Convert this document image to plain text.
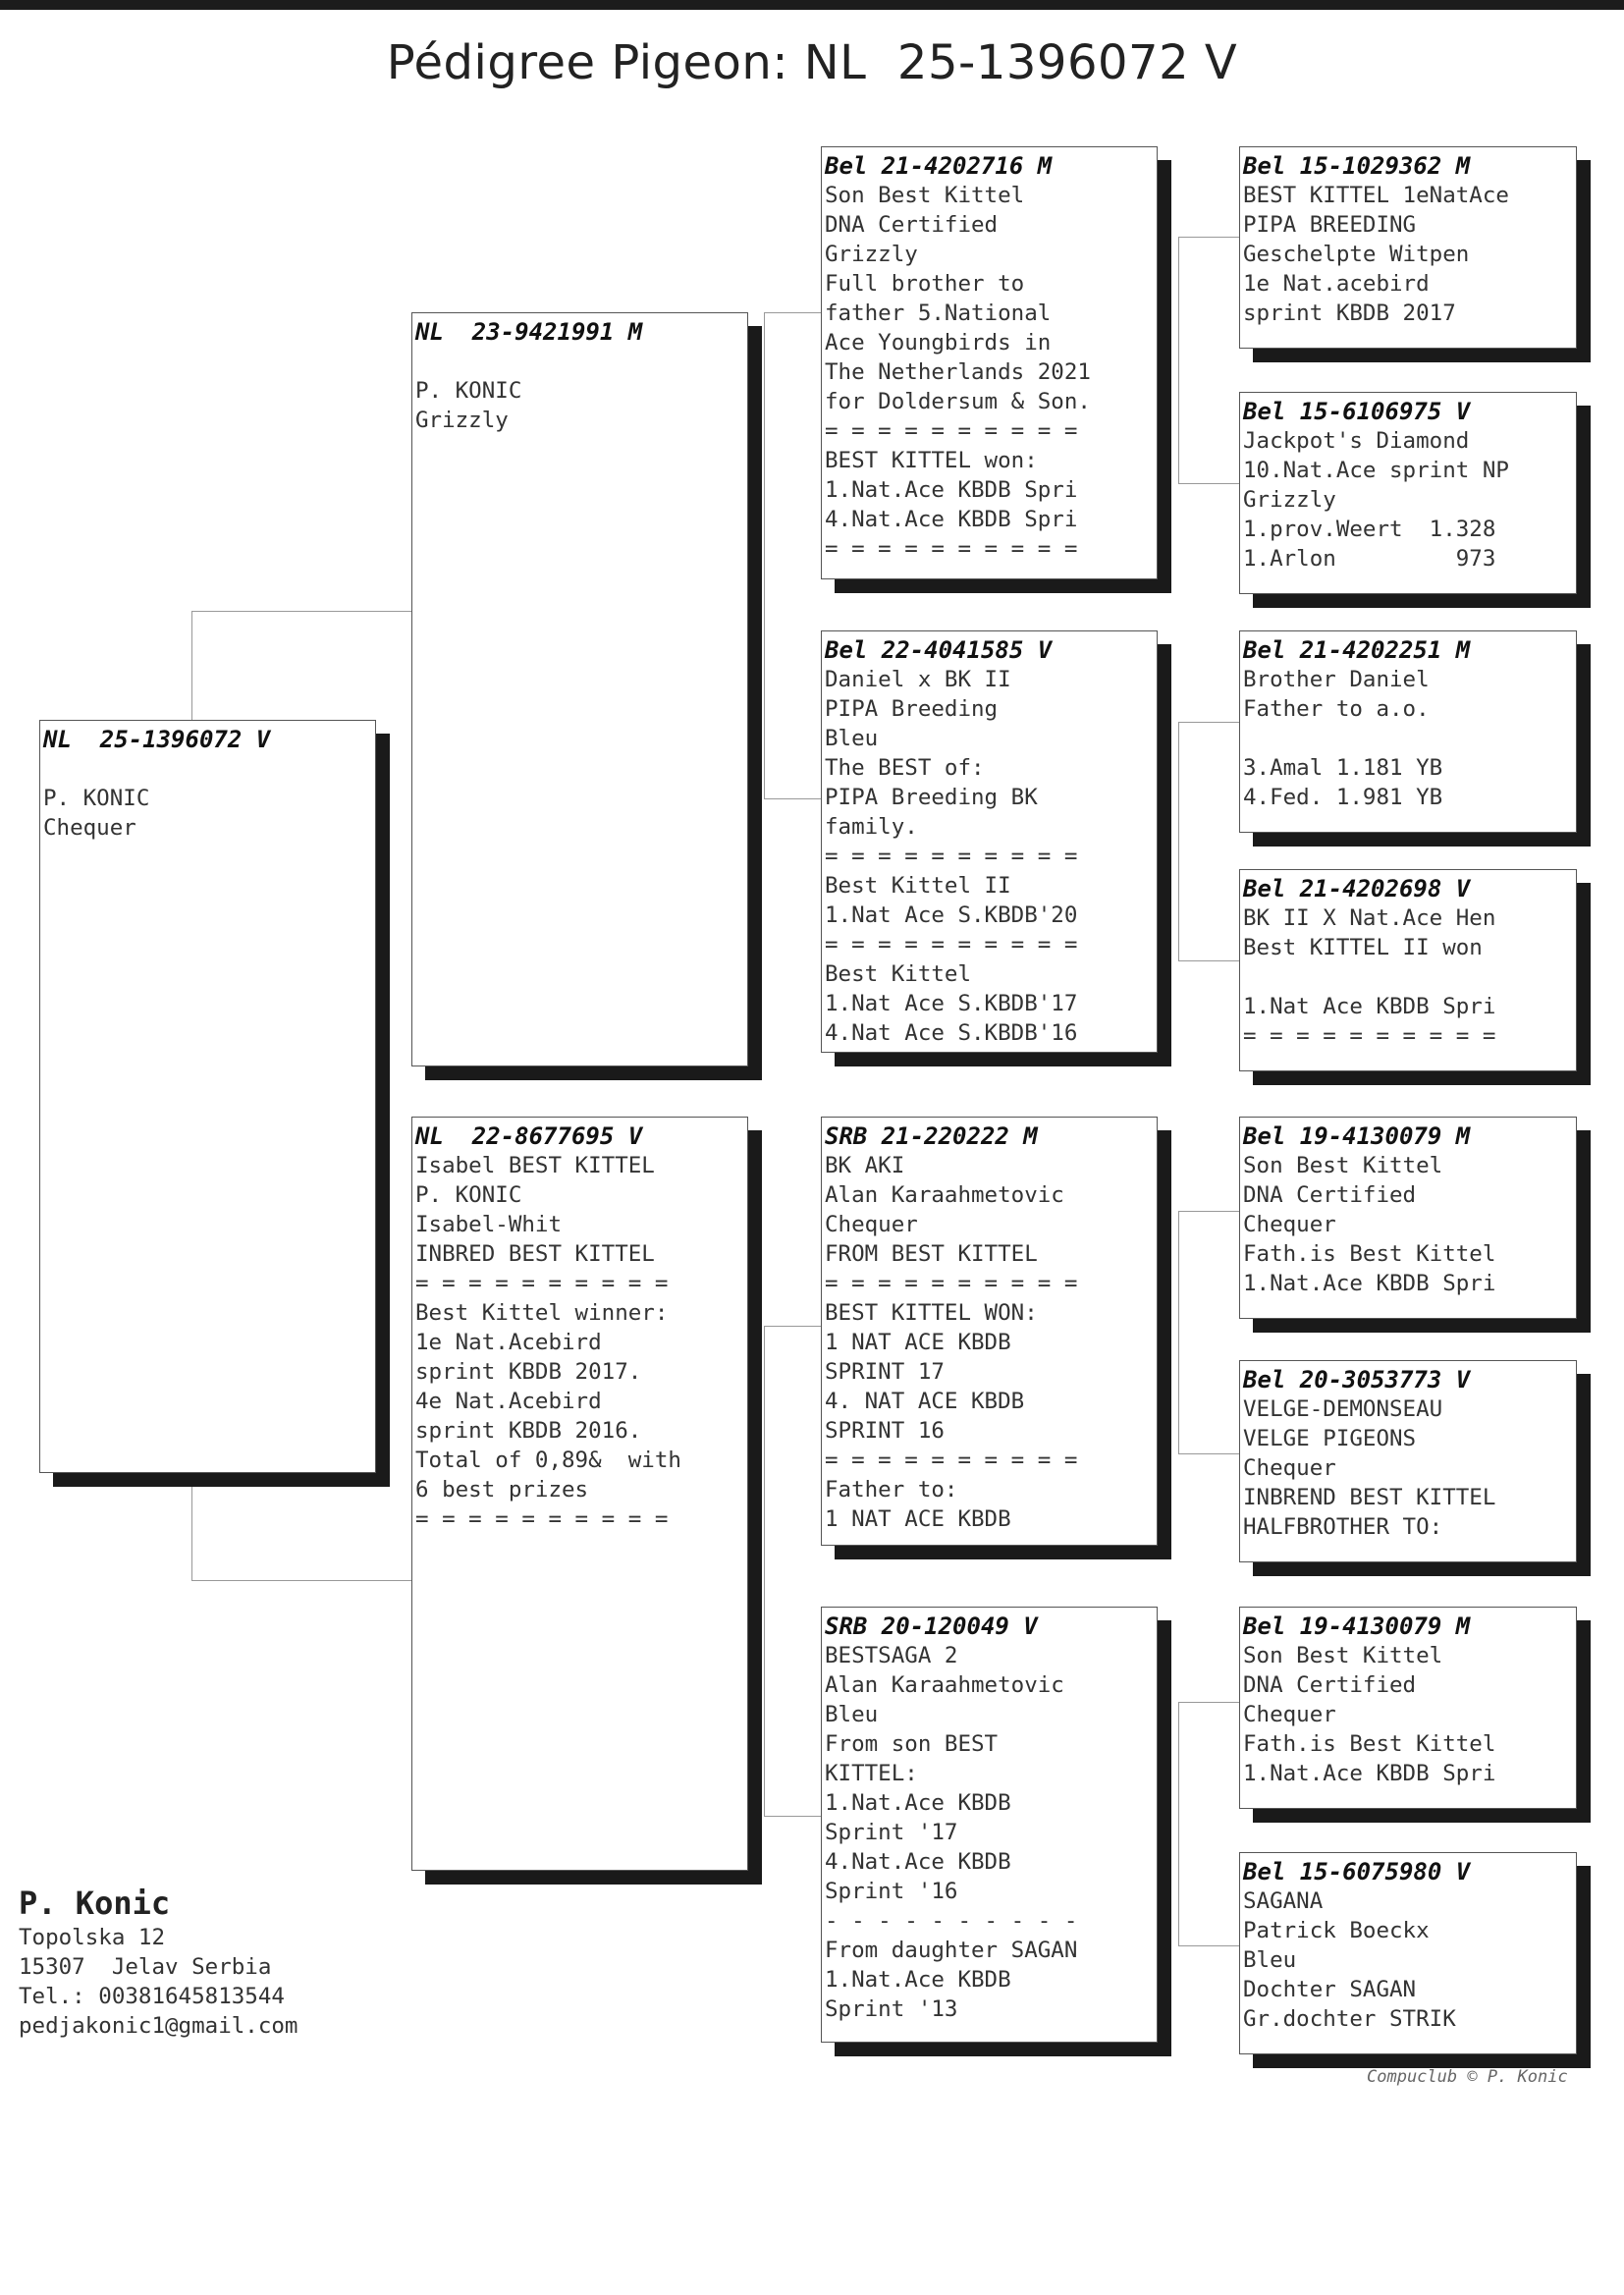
Pédigree Pigeon: NL  25-1396072 V
NL  25-1396072 V

P. KONIC
Chequer
NL  23-9421991 M

P. KONIC
Grizzly
NL  22-8677695 V
Isabel BEST KITTEL
P. KONIC
Isabel-Whit
INBRED BEST KITTEL
= = = = = = = = = =
Best Kittel winner:
1e Nat.Acebird
sprint KBDB 2017.
4e Nat.Acebird
sprint KBDB 2016.
Total of 0,89&  with
6 best prizes
= = = = = = = = = =
Bel 21-4202716 M
Son Best Kittel
DNA Certified
Grizzly
Full brother to
father 5.National
Ace Youngbirds in
The Netherlands 2021
for Doldersum & Son.
= = = = = = = = = =
BEST KITTEL won:
1.Nat.Ace KBDB Spri
4.Nat.Ace KBDB Spri
= = = = = = = = = =
Bel 22-4041585 V
Daniel x BK II
PIPA Breeding
Bleu
The BEST of:
PIPA Breeding BK
family.
= = = = = = = = = =
Best Kittel II
1.Nat Ace S.KBDB'20
= = = = = = = = = =
Best Kittel
1.Nat Ace S.KBDB'17
4.Nat Ace S.KBDB'16
SRB 21-220222 M
BK AKI
Alan Karaahmetovic
Chequer
FROM BEST KITTEL
= = = = = = = = = =
BEST KITTEL WON:
1 NAT ACE KBDB
SPRINT 17
4. NAT ACE KBDB
SPRINT 16
= = = = = = = = = =
Father to:
1 NAT ACE KBDB
SRB 20-120049 V
BESTSAGA 2
Alan Karaahmetovic
Bleu
From son BEST
KITTEL:
1.Nat.Ace KBDB
Sprint '17
4.Nat.Ace KBDB
Sprint '16
- - - - - - - - - -
From daughter SAGAN
1.Nat.Ace KBDB
Sprint '13
Bel 15-1029362 M
BEST KITTEL 1eNatAce
PIPA BREEDING
Geschelpte Witpen
1e Nat.acebird
sprint KBDB 2017
Bel 15-6106975 V
Jackpot's Diamond
10.Nat.Ace sprint NP
Grizzly
1.prov.Weert  1.328
1.Arlon         973
Bel 21-4202251 M
Brother Daniel
Father to a.o.

3.Amal 1.181 YB
4.Fed. 1.981 YB
Bel 21-4202698 V
BK II X Nat.Ace Hen
Best KITTEL II won

1.Nat Ace KBDB Spri
= = = = = = = = = =
Bel 19-4130079 M
Son Best Kittel
DNA Certified
Chequer
Fath.is Best Kittel
1.Nat.Ace KBDB Spri
Bel 20-3053773 V
VELGE-DEMONSEAU
VELGE PIGEONS
Chequer
INBREND BEST KITTEL
HALFBROTHER TO:
Bel 19-4130079 M
Son Best Kittel
DNA Certified
Chequer
Fath.is Best Kittel
1.Nat.Ace KBDB Spri
Bel 15-6075980 V
SAGANA
Patrick Boeckx
Bleu
Dochter SAGAN
Gr.dochter STRIK
P. Konic
Topolska 12
15307  Jelav Serbia
Tel.: 00381645813544
pedjakonic1@gmail.com
Compuclub © P. Konic
